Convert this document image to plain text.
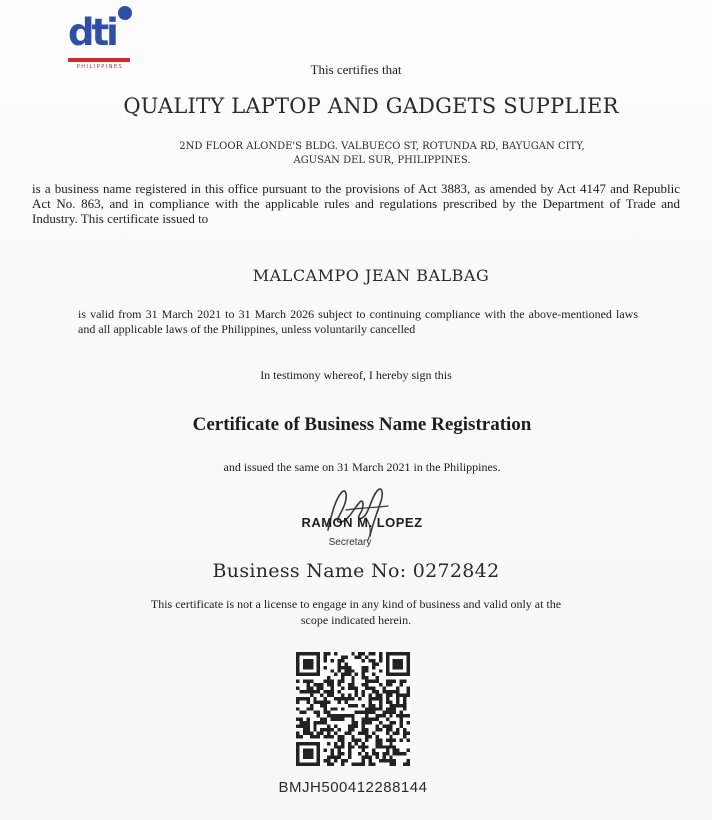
dti
PHILIPPINES	This certifies that

QUALITY LAPTOP AND GADGETS SUPPLIER

2ND FLOOR ALONDE'S BLDG. VALBUECO ST, ROTUNDA RD, BAYUGAN CITY,
AGUSAN DEL SUR, PHILIPPINES.

is a business name registered in this office pursuant to the provisions of Act 3883, as amended by Act 4147 and Republic Act No. 863, and in compliance with the applicable rules and regulations prescribed by the Department of Trade and Industry. This certificate issued to

MALCAMPO JEAN BALBAG

is valid from 31 March 2021 to 31 March 2026 subject to continuing compliance with the above-mentioned laws and all applicable laws of the Philippines, unless voluntarily cancelled

In testimony whereof, I hereby sign this

Certificate of Business Name Registration

and issued the same on 31 March 2021 in the Philippines.

RAMON M. LOPEZ

Secretary

Business Name No: 0272842

This certificate is not a license to engage in any kind of business and valid only at the
scope indicated herein.

BMJH500412288144
